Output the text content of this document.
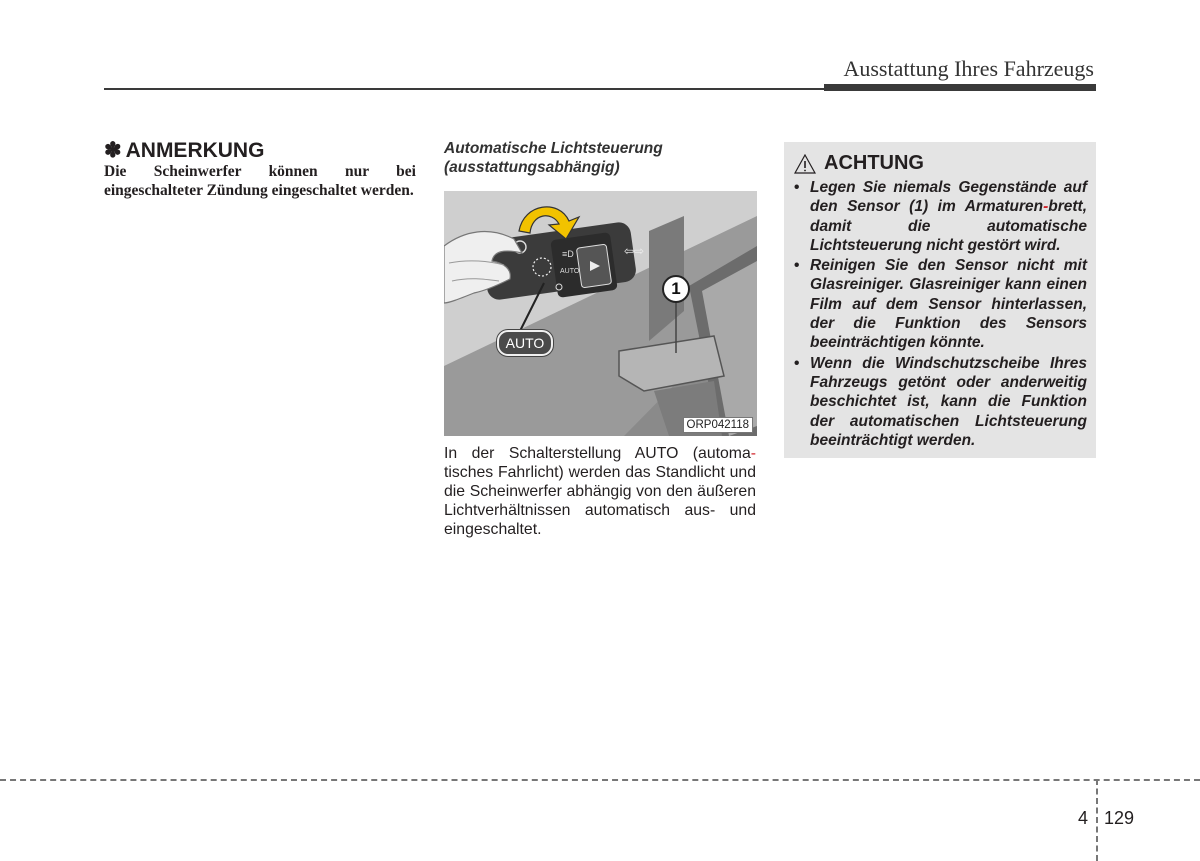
Ausstattung Ihres Fahrzeugs
✽ ANMERKUNG
Die Scheinwerfer können nur bei eingeschalteter Zündung eingeschaltet werden.
Automatische Lichtsteuerung (ausstattungsabhängig)
≡D
AUTO
⇦⇨
AUTO
1
ORP042118
In der Schalterstellung AUTO (automa-tisches Fahrlicht) werden das Standlicht und die Scheinwerfer abhängig von den äußeren Lichtverhältnissen automatisch aus- und eingeschaltet.
ACHTUNG
• Legen Sie niemals Gegenstände auf den Sensor (1) im Armaturen-brett, damit die automatische Lichtsteuerung nicht gestört wird.
• Reinigen Sie den Sensor nicht mit Glasreiniger. Glasreiniger kann einen Film auf dem Sensor hinterlassen, der die Funktion des Sensors beeinträchtigen könnte.
• Wenn die Windschutzscheibe Ihres Fahrzeugs getönt oder anderweitig beschichtet ist, kann die Funktion der automatischen Lichtsteuerung beeinträchtigt werden.
4 129
